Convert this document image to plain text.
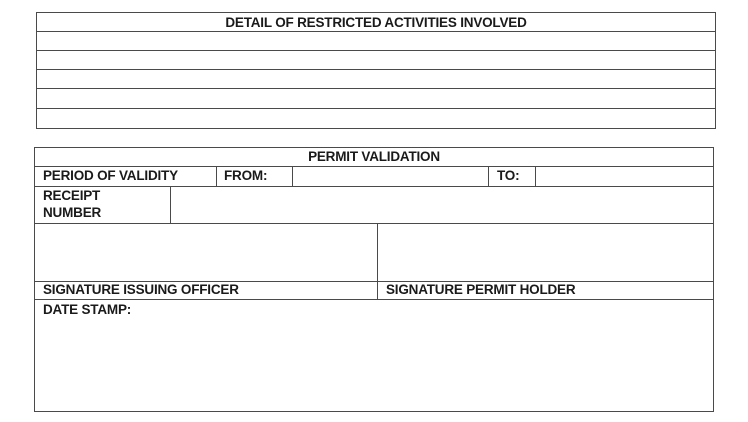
DETAIL OF RESTRICTED ACTIVITIES INVOLVED
PERMIT VALIDATION
PERIOD OF VALIDITY	FROM:	TO:
RECEIPT
NUMBER
SIGNATURE ISSUING OFFICER	SIGNATURE PERMIT HOLDER
DATE STAMP:
